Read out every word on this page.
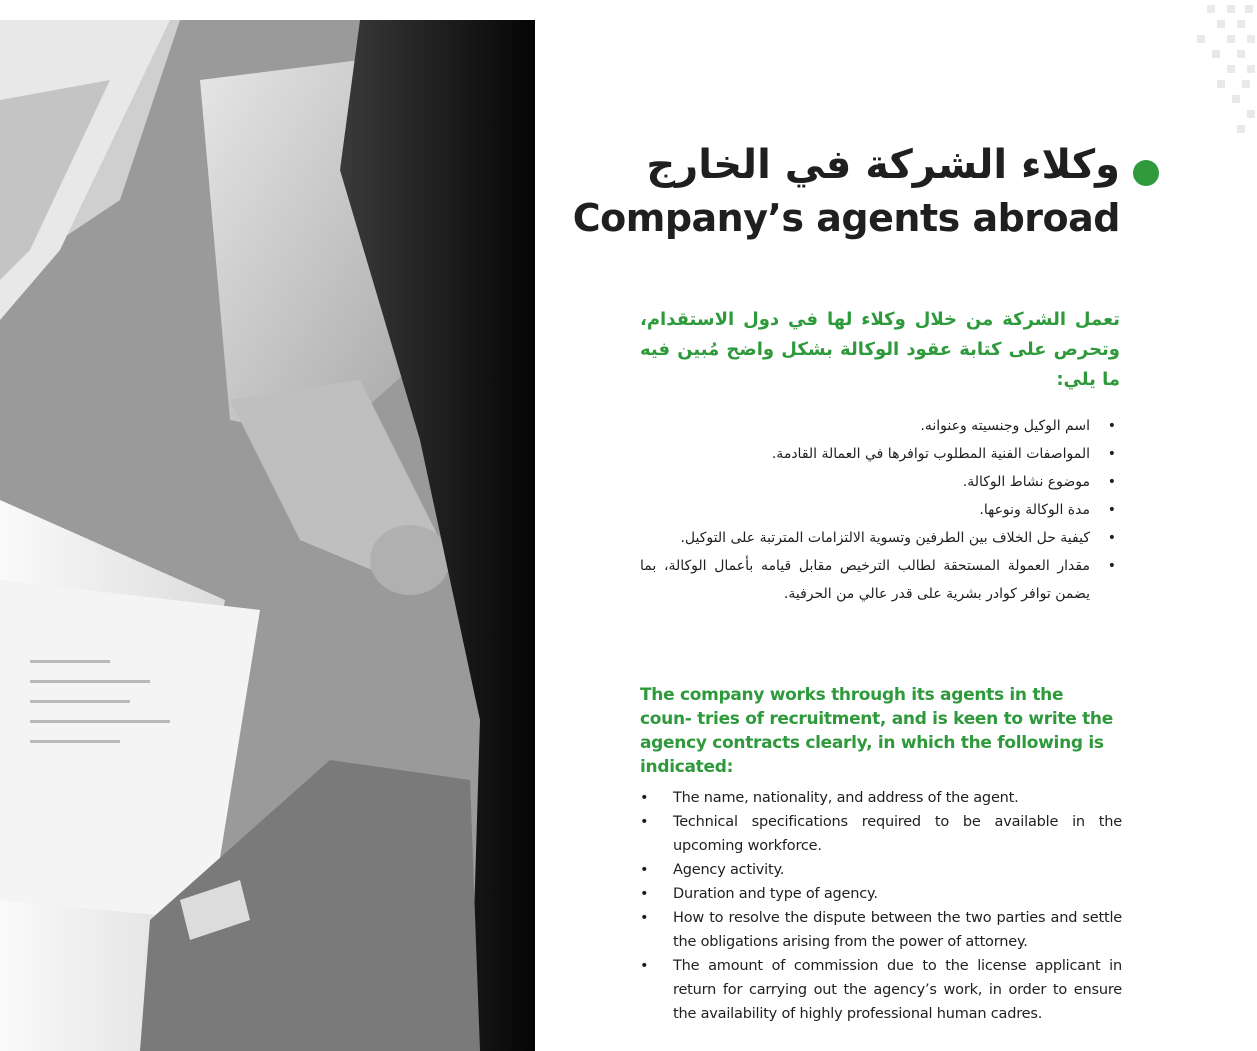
وكلاء الشركة في الخارج
Company’s agents abroad
تعمل الشركة من خلال وكلاء لها في دول الاستقدام، وتحرص على كتابة عقود الوكالة بشكل واضح مُبين فيه ما يلي:
• اسم الوكيل وجنسيته وعنوانه.
• المواصفات الفنية المطلوب توافرها في العمالة القادمة.
• موضوع نشاط الوكالة.
• مدة الوكالة ونوعها.
• كيفية حل الخلاف بين الطرفين وتسوية الالتزامات المترتبة على التوكيل.
• مقدار العمولة المستحقة لطالب الترخيص مقابل قيامه بأعمال الوكالة، بما يضمن توافر كوادر بشرية على قدر عالي من الحرفية.
The company works through its agents in the coun- tries of recruitment, and is keen to write the agency contracts clearly, in which the following is indicated:
• The name, nationality, and address of the agent.
• Technical specifications required to be available in the upcoming workforce.
• Agency activity.
• Duration and type of agency.
• How to resolve the dispute between the two parties and settle the obligations arising from the power of attorney.
• The amount of commission due to the license applicant in return for carrying out the agency’s work, in order to ensure the availability of highly professional human cadres.
